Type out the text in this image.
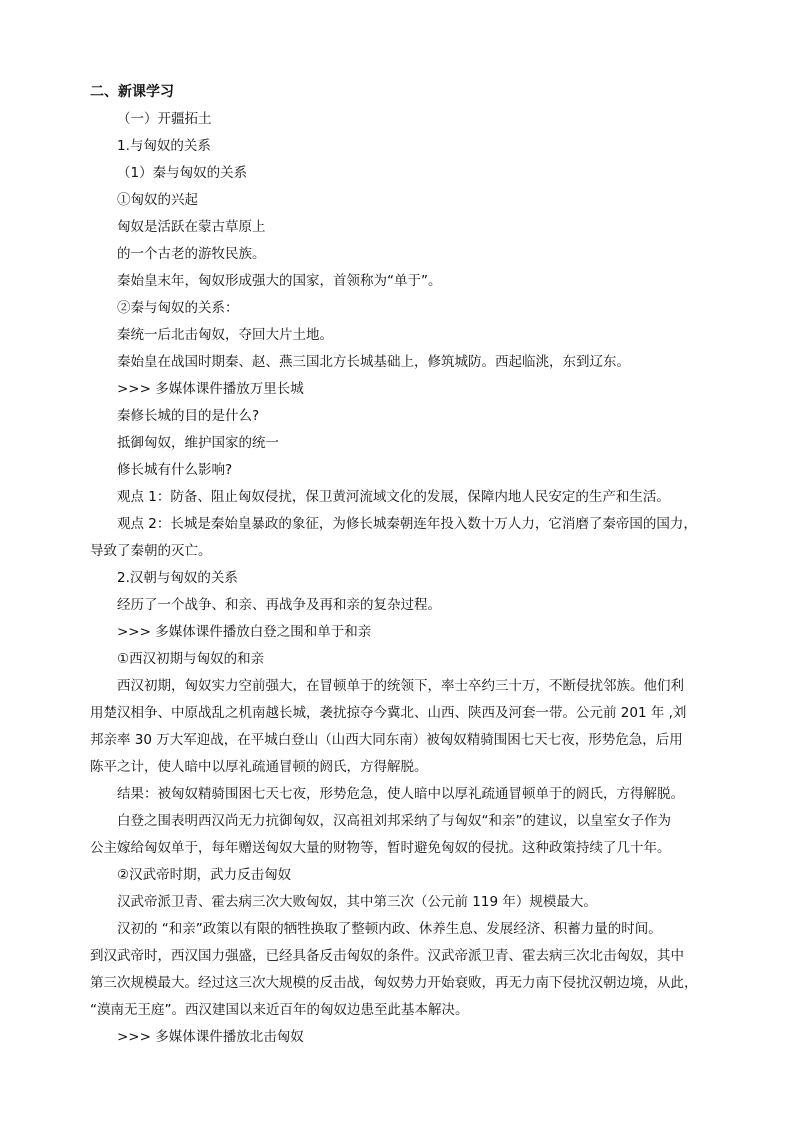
二、新课学习
（一）开疆拓土
1.与匈奴的关系
（1）秦与匈奴的关系
①匈奴的兴起
匈奴是活跃在蒙古草原上
的一个古老的游牧民族。
秦始皇末年，匈奴形成强大的国家，首领称为“单于”。
②秦与匈奴的关系：
秦统一后北击匈奴，夺回大片土地。
秦始皇在战国时期秦、赵、燕三国北方长城基础上，修筑城防。西起临洮，东到辽东。
>>> 多媒体课件播放万里长城
秦修长城的目的是什么?
抵御匈奴，维护国家的统一
修长城有什么影响?
观点 1：防备、阻止匈奴侵扰，保卫黄河流域文化的发展，保障内地人民安定的生产和生活。
观点 2：长城是秦始皇暴政的象征，为修长城秦朝连年投入数十万人力，它消磨了秦帝国的国力，
导致了秦朝的灭亡。
2.汉朝与匈奴的关系
经历了一个战争、和亲、再战争及再和亲的复杂过程。
>>> 多媒体课件播放白登之围和单于和亲
①西汉初期与匈奴的和亲
西汉初期，匈奴实力空前强大，在冒顿单于的统领下，率士卒约三十万，不断侵扰邻族。他们利
用楚汉相争、中原战乱之机南越长城，袭扰掠夺今冀北、山西、陕西及河套一带。公元前 201 年 ,刘
邦亲率 30 万大军迎战，在平城白登山（山西大同东南）被匈奴精骑围困七天七夜，形势危急，后用
陈平之计，使人暗中以厚礼疏通冒顿的阏氏，方得解脱。
结果：被匈奴精骑围困七天七夜，形势危急，使人暗中以厚礼疏通冒顿单于的阏氏，方得解脱。
白登之围表明西汉尚无力抗御匈奴，汉高祖刘邦采纳了与匈奴“和亲”的建议，以皇室女子作为
公主嫁给匈奴单于，每年赠送匈奴大量的财物等，暂时避免匈奴的侵扰。这种政策持续了几十年。
②汉武帝时期，武力反击匈奴
汉武帝派卫青、霍去病三次大败匈奴，其中第三次（公元前 119 年）规模最大。
汉初的 “和亲”政策以有限的牺牲换取了整顿内政、休养生息、发展经济、积蓄力量的时间。
到汉武帝时，西汉国力强盛，已经具备反击匈奴的条件。汉武帝派卫青、霍去病三次北击匈奴，其中
第三次规模最大。经过这三次大规模的反击战，匈奴势力开始衰败，再无力南下侵扰汉朝边境，从此，
“漠南无王庭”。西汉建国以来近百年的匈奴边患至此基本解决。
>>> 多媒体课件播放北击匈奴
